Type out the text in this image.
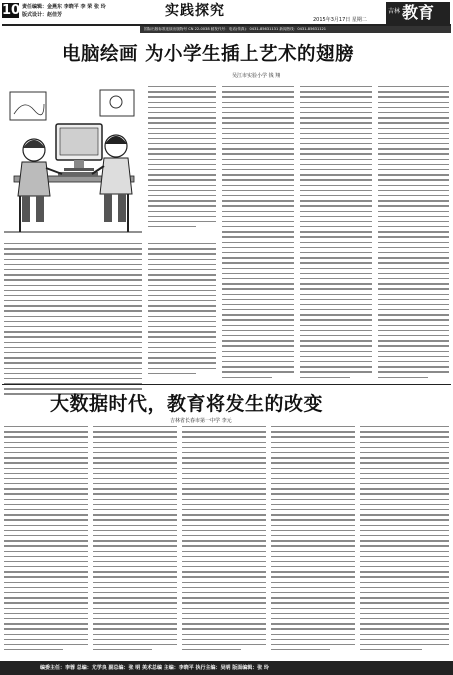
10 责任编辑：金燕东 李晓平 李 荣 张 玲
版式设计：赵佳芳	实践探究
2015年3月17日 星期二
吉林 教育
国际出版标准连续出版物号 CN 22-0038 邮发代号：电话(传真)：0431-85631131 新闻热线：0431-85631121
电脑绘画 为小学生插上艺术的翅膀
吴江市实验小学 钱 翔
大数据时代，教育将发生的改变
吉林省长春市第一中学 李元
编委主任：李蓉 总编：尤学良 副总编：张 明 美术总编 主编：李晓平 执行主编：吴明 版面编辑：张 玲
